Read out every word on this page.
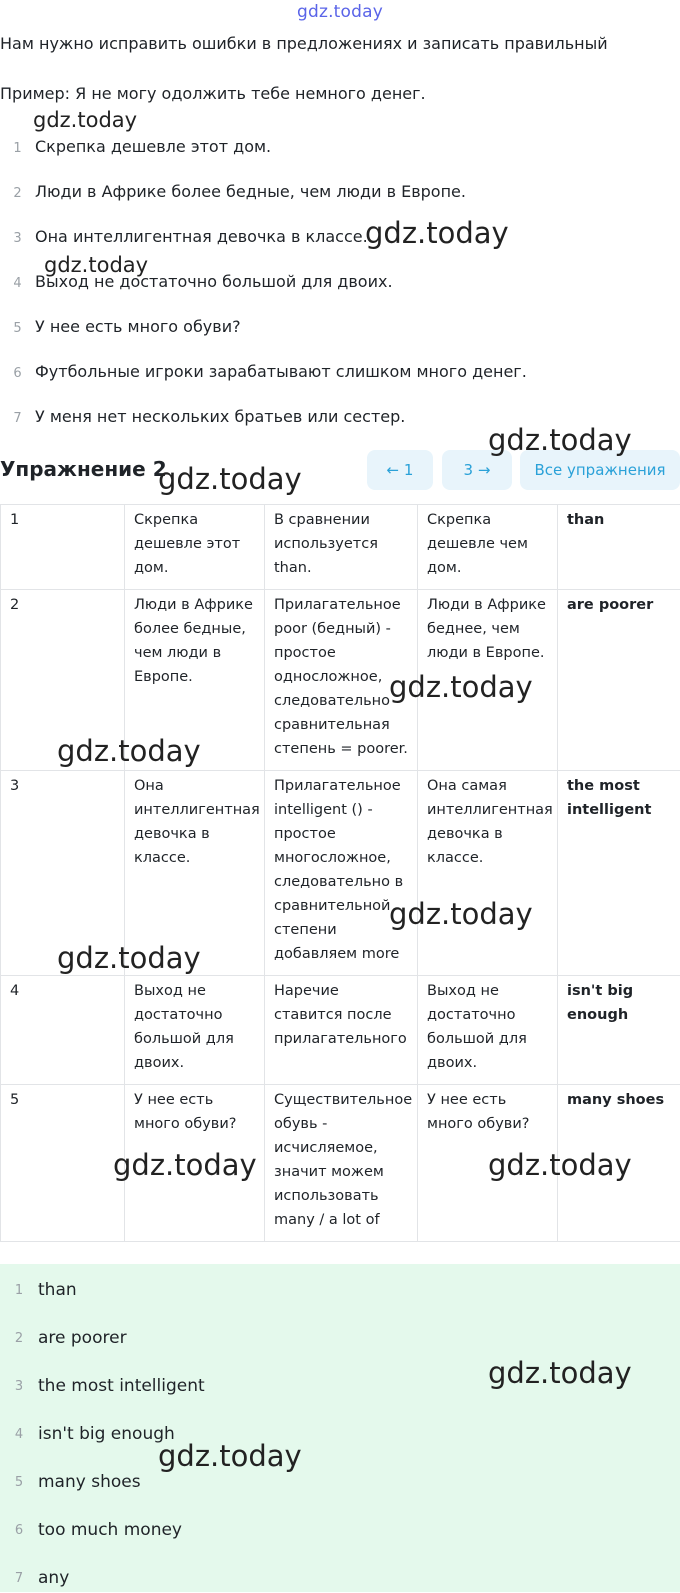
gdz.today
Нам нужно исправить ошибки в предложениях и записать правильный
Пример: Я не могу одолжить тебе немного денег.
1 Скрепка дешевле этот дом.
2 Люди в Африке более бедные, чем люди в Европе.
3 Она интеллигентная девочка в классе.
4 Выход не достаточно большой для двоих.
5 У нее есть много обуви?
6 Футбольные игроки зарабатывают слишком много денег.
7 У меня нет нескольких братьев или сестер.
Упражнение 2	← 1	3 →	Все упражнения
1	Скрепка дешевле этот дом.	В сравнении используется than.	Скрепка дешевле чем дом.	than
2	Люди в Африке более бедные, чем люди в Европе.	Прилагательное poor (бедный) - простое односложное, следовательно сравнительная степень = poorer.	Люди в Африке беднее, чем люди в Европе.	are poorer
3	Она интеллигентная девочка в классе.	Прилагательное intelligent () - простое многосложное, следовательно в сравнительной степени добавляем more	Она самая интеллигентная девочка в классе.	the most intelligent
4	Выход не достаточно большой для двоих.	Наречие ставится после прилагательного	Выход не достаточно большой для двоих.	isn't big enough
5	У нее есть много обуви?	Существительное обувь - исчисляемое, значит можем использовать many / a lot of	У нее есть много обуви?	many shoes
1 than
2 are poorer
3 the most intelligent
4 isn't big enough
5 many shoes
6 too much money
7 any
gdz.today
gdz.today
gdz.today
gdz.today
gdz.today
gdz.today
gdz.today
gdz.today
gdz.today
gdz.today	gdz.today
gdz.today
gdz.today
